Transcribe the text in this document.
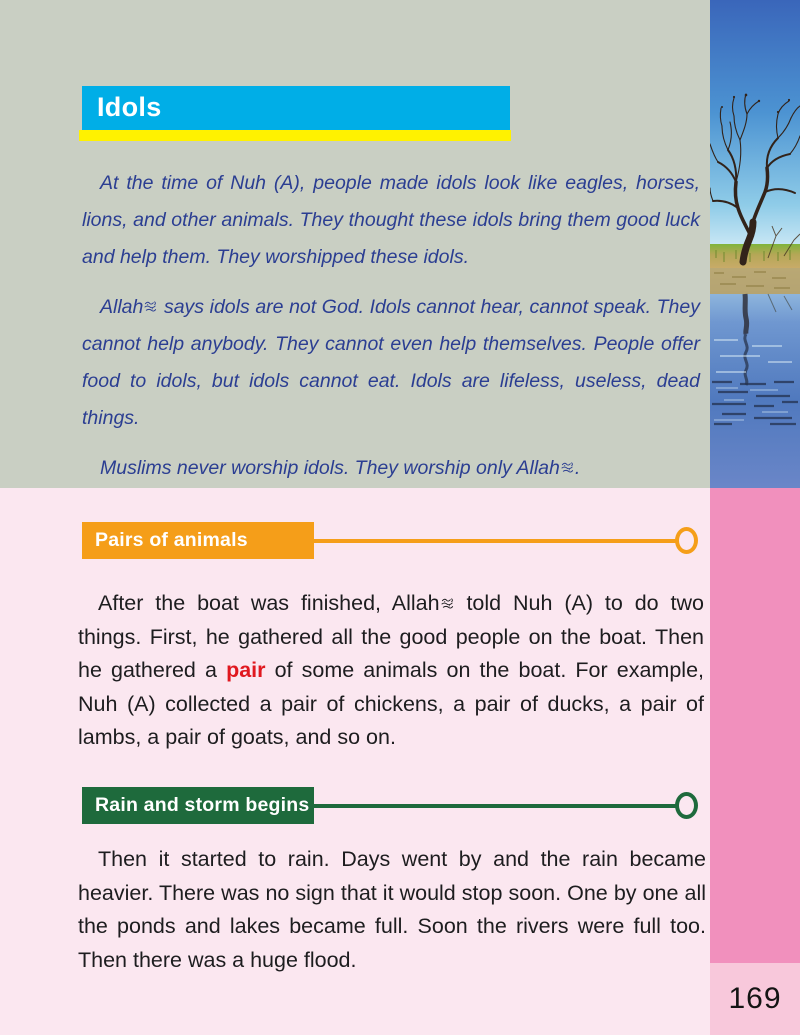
Idols

At the time of Nuh (A), people made idols look like eagles, horses, lions, and other animals. They thought these idols bring them good luck and help them. They worshipped these idols.

Allah
says idols are not God. Idols cannot hear, cannot speak. They cannot help anybody. They cannot even help themselves. People offer food to idols, but idols cannot eat. Idols are lifeless, useless, dead things.

Muslims never worship idols. They worship only Allah .

Pairs of animals

After the boat was finished, Allah
told Nuh (A) to do two things. First, he gathered all the good people on the boat. Then he gathered a pair of some animals on the boat. For example, Nuh (A) collected a pair of chickens, a pair of ducks, a pair of lambs, a pair of goats, and so on.

Rain and storm begins

Then it started to rain. Days went by and the rain became heavier. There was no sign that it would stop soon. One by one all the ponds and lakes became full. Soon the rivers were full too. Then there was a huge flood.

169
